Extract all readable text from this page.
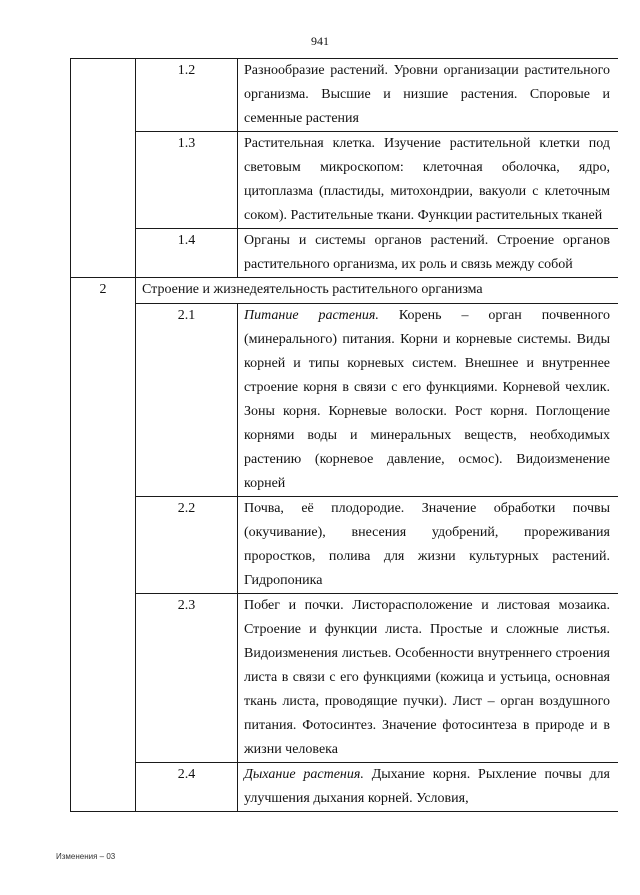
941
	1.2	Разнообразие растений. Уровни организации растительного организма. Высшие и низшие растения. Споровые и семенные растения
	1.3	Растительная клетка. Изучение растительной клетки под световым микроскопом: клеточная оболочка, ядро, цитоплазма (пластиды, митохондрии, вакуоли с клеточным соком). Растительные ткани. Функции растительных тканей
	1.4	Органы и системы органов растений. Строение органов растительного организма, их роль и связь между собой
2	Строение и жизнедеятельность растительного организма	
	2.1	Питание растения. Корень – орган почвенного (минерального) питания. Корни и корневые системы. Виды корней и типы корневых систем. Внешнее и внутреннее строение корня в связи с его функциями. Корневой чехлик. Зоны корня. Корневые волоски. Рост корня. Поглощение корнями воды и минеральных веществ, необходимых растению (корневое давление, осмос). Видоизменение корней
	2.2	Почва, её плодородие. Значение обработки почвы (окучивание), внесения удобрений, прореживания проростков, полива для жизни культурных растений. Гидропоника
	2.3	Побег и почки. Листорасположение и листовая мозаика. Строение и функции листа. Простые и сложные листья. Видоизменения листьев. Особенности внутреннего строения листа в связи с его функциями (кожица и устьица, основная ткань листа, проводящие пучки). Лист – орган воздушного питания. Фотосинтез. Значение фотосинтеза в природе и в жизни человека
	2.4	Дыхание растения. Дыхание корня. Рыхление почвы для улучшения дыхания корней. Условия,
Изменения – 03
